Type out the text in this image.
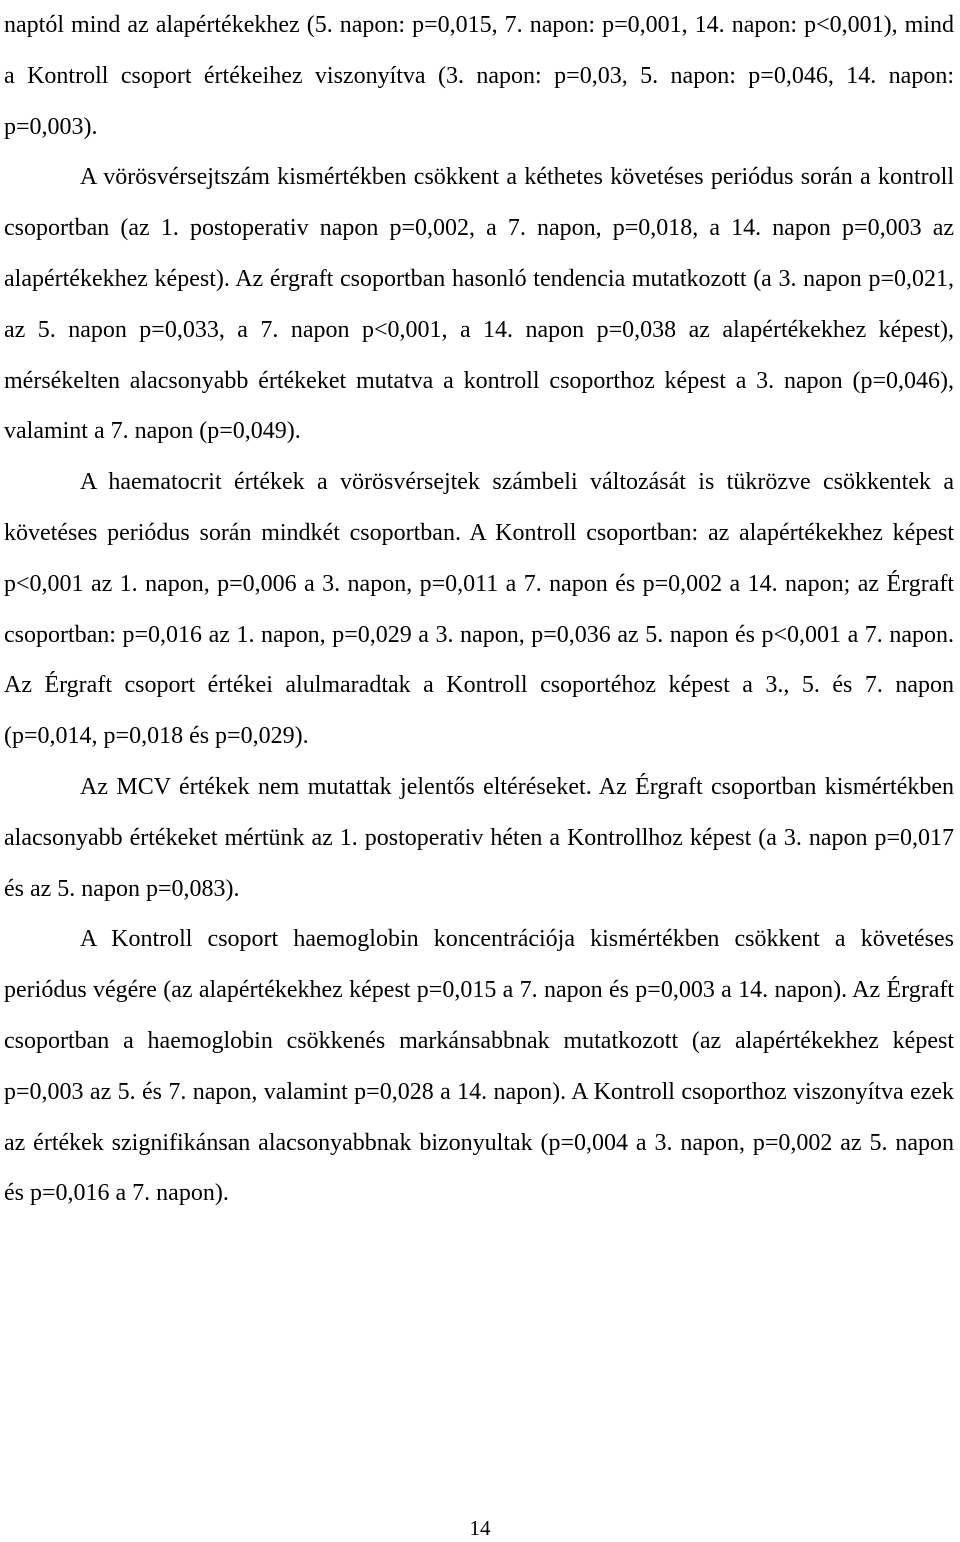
naptól mind az alapértékekhez (5. napon: p=0,015, 7. napon: p=0,001, 14. napon: p<0,001), mind a Kontroll csoport értékeihez viszonyítva (3. napon: p=0,03, 5. napon: p=0,046, 14. napon: p=0,003).

A vörösvérsejtszám kismértékben csökkent a kéthetes követéses periódus során a kontroll csoportban (az 1. postoperativ napon p=0,002, a 7. napon, p=0,018, a 14. napon p=0,003 az alapértékekhez képest). Az érgraft csoportban hasonló tendencia mutatkozott (a 3. napon p=0,021, az 5. napon p=0,033, a 7. napon p<0,001, a 14. napon p=0,038 az alapértékekhez képest), mérsékelten alacsonyabb értékeket mutatva a kontroll csoporthoz képest a 3. napon (p=0,046), valamint a 7. napon (p=0,049).

A haematocrit értékek a vörösvérsejtek számbeli változását is tükrözve csökkentek a követéses periódus során mindkét csoportban. A Kontroll csoportban: az alapértékekhez képest p<0,001 az 1. napon, p=0,006 a 3. napon, p=0,011 a 7. napon és p=0,002 a 14. napon; az Érgraft csoportban: p=0,016 az 1. napon, p=0,029 a 3. napon, p=0,036 az 5. napon és p<0,001 a 7. napon. Az Érgraft csoport értékei alulmaradtak a Kontroll csoportéhoz képest a 3., 5. és 7. napon (p=0,014, p=0,018 és p=0,029).

Az MCV értékek nem mutattak jelentős eltéréseket. Az Érgraft csoportban kismértékben alacsonyabb értékeket mértünk az 1. postoperativ héten a Kontrollhoz képest (a 3. napon p=0,017 és az 5. napon p=0,083).

A Kontroll csoport haemoglobin koncentrációja kismértékben csökkent a követéses periódus végére (az alapértékekhez képest p=0,015 a 7. napon és p=0,003 a 14. napon). Az Érgraft csoportban a haemoglobin csökkenés markánsabbnak mutatkozott (az alapértékekhez képest p=0,003 az 5. és 7. napon, valamint p=0,028 a 14. napon). A Kontroll csoporthoz viszonyítva ezek az értékek szignifikánsan alacsonyabbnak bizonyultak (p=0,004 a 3. napon, p=0,002 az 5. napon és p=0,016 a 7. napon).

14
